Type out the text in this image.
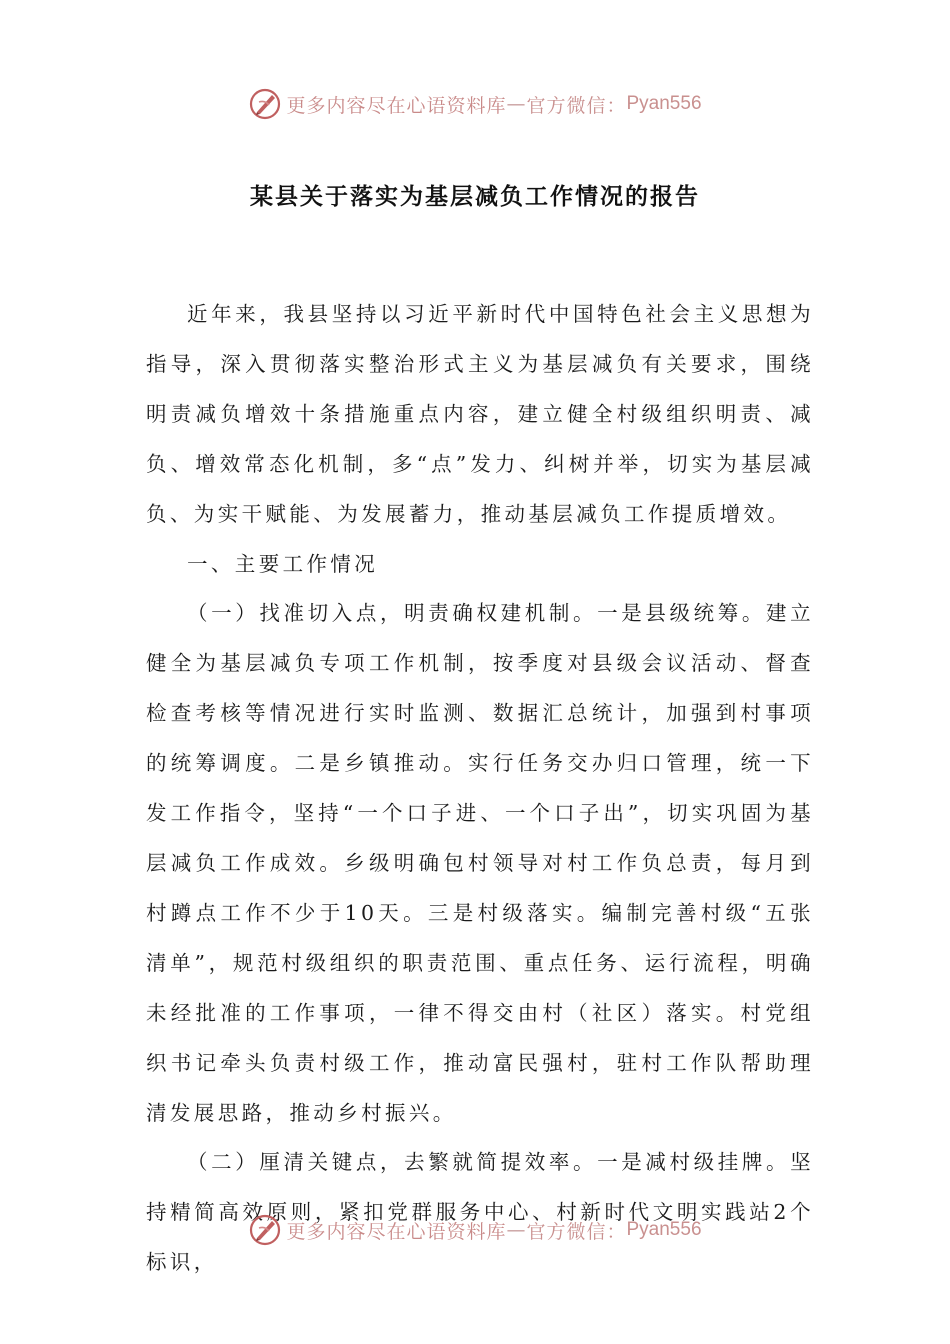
更多内容尽在心语资料库 — 官方微信： Pyan556
某县关于落实为基层减负工作情况的报告

近年来，我县坚持以习近平新时代中国特色社会主义思想为指导，深入贯彻落实整治形式主义为基层减负有关要求，围绕明责减负增效十条措施重点内容，建立健全村级组织明责、减负、增效常态化机制，多“点”发力、纠树并举，切实为基层减负、为实干赋能、为发展蓄力，推动基层减负工作提质增效。

一、主要工作情况

（一）找准切入点，明责确权建机制。一是县级统筹。建立健全为基层减负专项工作机制，按季度对县级会议活动、督查检查考核等情况进行实时监测、数据汇总统计，加强到村事项的统筹调度。二是乡镇推动。实行任务交办归口管理，统一下发工作指令，坚持“一个口子进、一个口子出”，切实巩固为基层减负工作成效。乡级明确包村领导对村工作负总责，每月到村蹲点工作不少于10天。三是村级落实。编制完善村级“五张清单”，规范村级组织的职责范围、重点任务、运行流程，明确未经批准的工作事项，一律不得交由村（社区）落实。村党组织书记牵头负责村级工作，推动富民强村，驻村工作队帮助理清发展思路，推动乡村振兴。

（二）厘清关键点，去繁就简提效率。一是减村级挂牌。坚持精简高效原则，紧扣党群服务中心、村新时代文明实践站2个标识，

更多内容尽在心语资料库 — 官方微信： Pyan556
